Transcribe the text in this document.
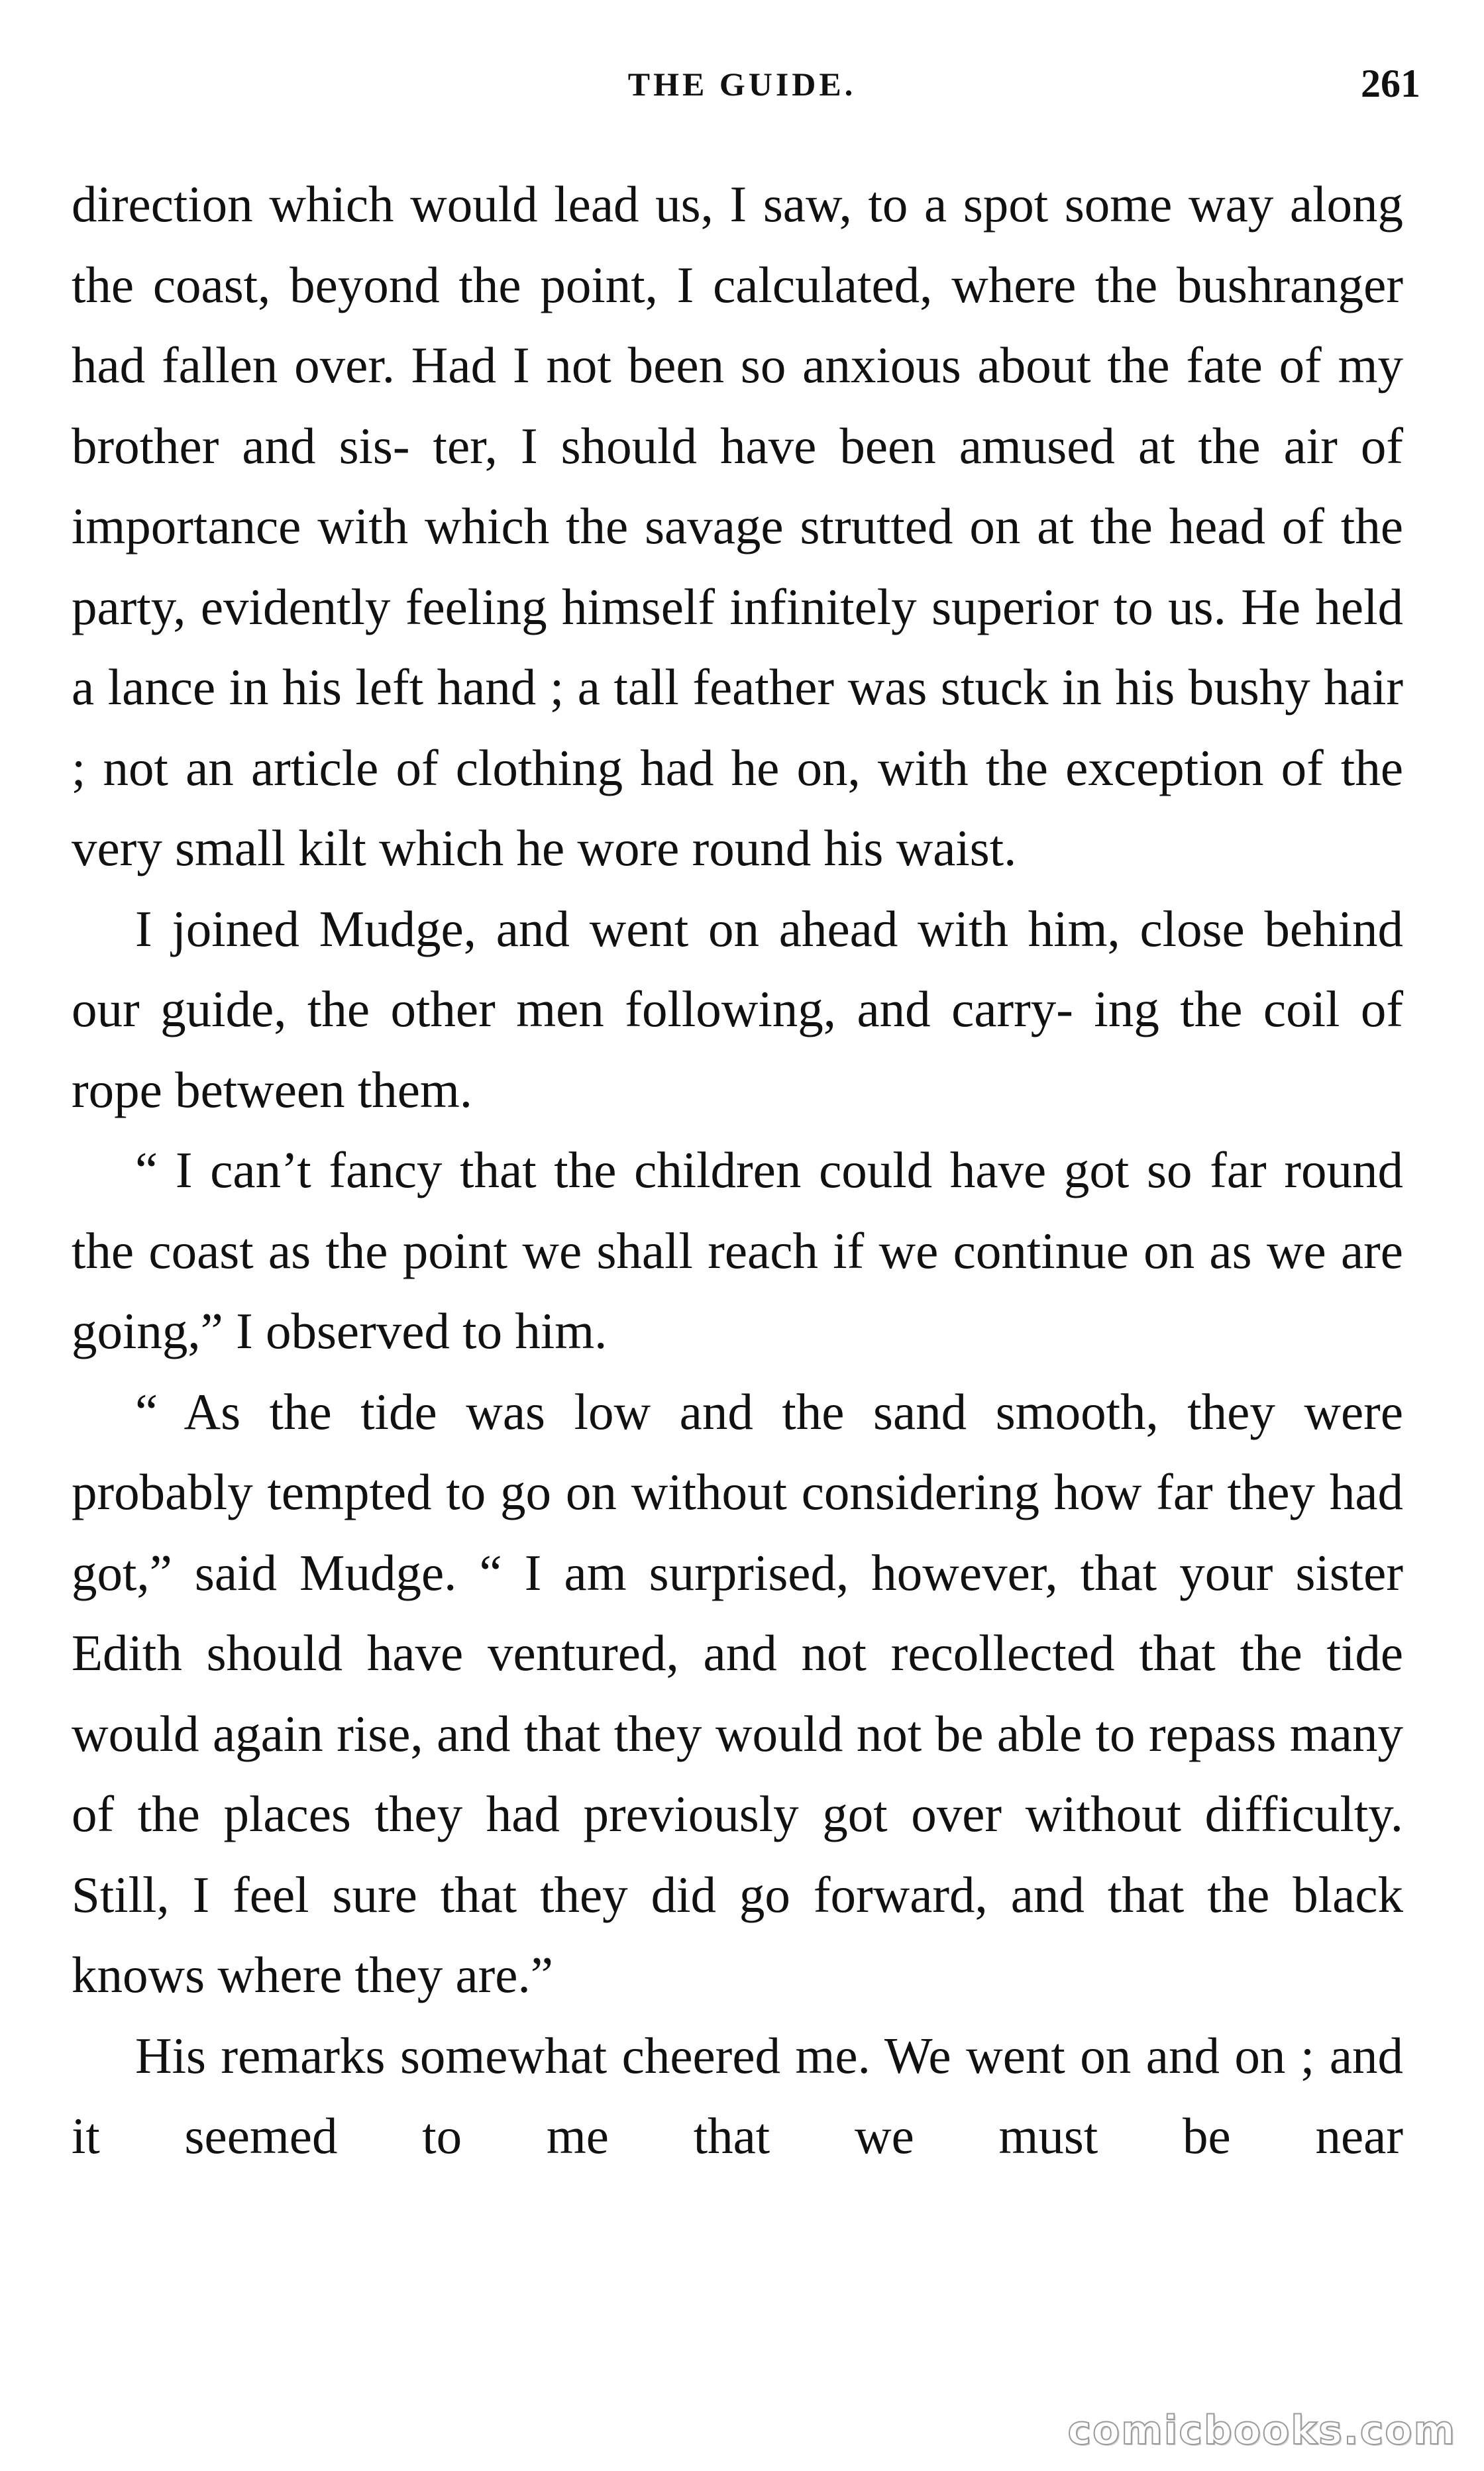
THE GUIDE.	261

direction which would lead us, I saw, to a spot some way along the coast, beyond the point, I calculated, where the bushranger had fallen over. Had I not been so anxious about the fate of my brother and sis- ter, I should have been amused at the air of importance with which the savage strutted on at the head of the party, evidently feeling himself infinitely superior to us. He held a lance in his left hand ; a tall feather was stuck in his bushy hair ; not an article of clothing had he on, with the exception of the very small kilt which he wore round his waist.

I joined Mudge, and went on ahead with him, close behind our guide, the other men following, and carry- ing the coil of rope between them.

“ I can’t fancy that the children could have got so far round the coast as the point we shall reach if we continue on as we are going,” I observed to him.

“ As the tide was low and the sand smooth, they were probably tempted to go on without considering how far they had got,” said Mudge. “ I am surprised, however, that your sister Edith should have ventured, and not recollected that the tide would again rise, and that they would not be able to repass many of the places they had previously got over without difficulty. Still, I feel sure that they did go forward, and that the black knows where they are.”

His remarks somewhat cheered me. We went on and on ; and it seemed to me that we must be near

comicbooks.com
